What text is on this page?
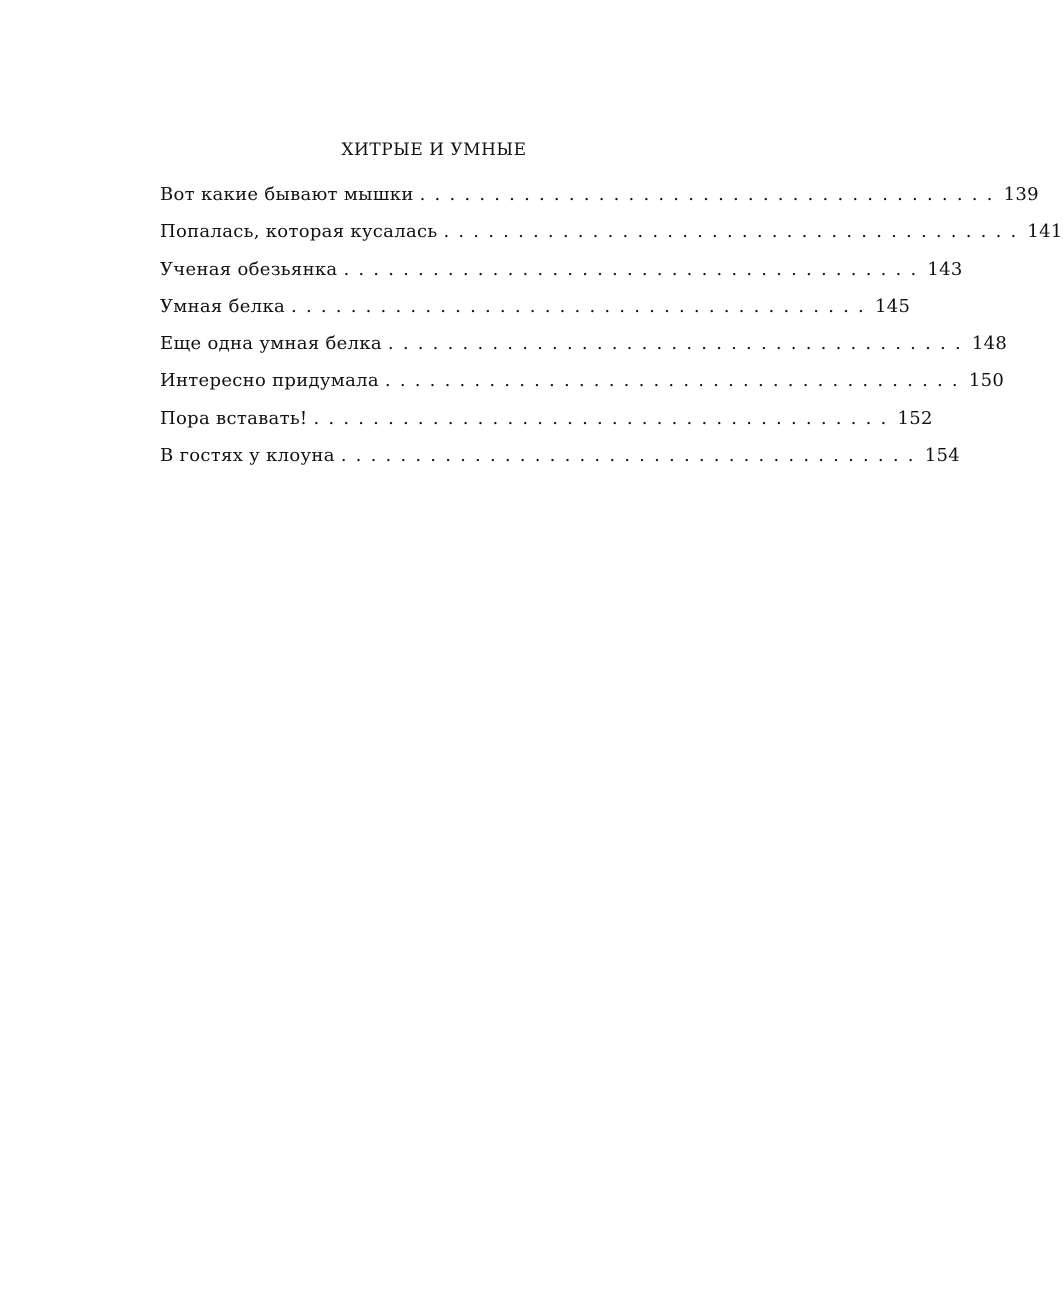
ХИТРЫЕ И УМНЫЕ
Вот какие бывают мышки ....................................... 139
Попалась, которая кусалась ....................................... 141
Ученая обезьянка ....................................... 143
Умная белка ....................................... 145
Еще одна умная белка ....................................... 148
Интересно придумала ....................................... 150
Пора вставать! ....................................... 152
В гостях у клоуна ....................................... 154
